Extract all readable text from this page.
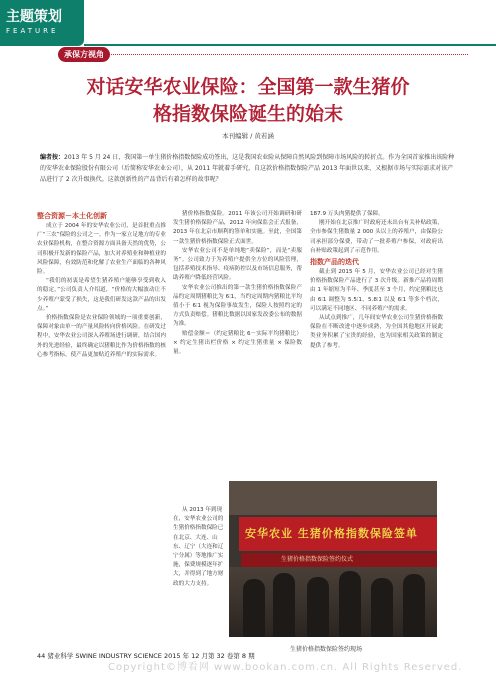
主题策划
FEATURE
承保方视角
对话安华农业保险：全国第一款生猪价
格指数保险诞生的始末
本刊编辑 / 黄若涵
编者按：2013 年 5 月 24 日，我国第一单生猪价格指数保险成功签出，这是我国农业险从保障自然风险到保障市场风险的转折点。作为全国首家推出该险种的安华农业保险股份有限公司（后简称安华农业公司），从 2011 年就着手研究，自这款价格指数保险产品 2013 年面世以来，又根据市场与实际需求对该产品进行了 2 次升级换代。这款创新性的产品背后有着怎样的故事呢？
整合资源－本土化创新

成立于 2004 年的安华农业公司，是首批重点推广“三农”保险的公司之一。作为一家立足地方的专业农业保险机构，在整合资源方面具备天然的优势，公司积极开发新的保险产品，加大对养殖业和种植业的风险保障，有效防范和化解了农业生产面临的各种风险。

“我们的初衷是希望生猪养殖户能够享受到收入的稳定，”公司负责人介绍道，“价格的大幅波动让不少养殖户蒙受了损失，这是我们研发这款产品的出发点。”

价格指数保险是农业保险领域的一项重要创新，保障对象由单一的产量风险转向价格风险。在研发过程中，安华农业公司深入养殖场进行调研，结合国内外的先进经验，最终确定以猪粮比作为价格指数的核心参考指标，使产品更加贴近养殖户的实际需求。

猪价格指数保险。2011 年该公司开始调研和研发生猪价格保险产品，2012 年向保监会正式报备，2013 年在北京市顺利的签单和实施。至此，全国第一款生猪价格指数保险正式面世。

安华农业公司不是单纯地“卖保险”，而是“卖服务”。公司致力于为养殖户提供全方位的风险管理，包括养殖技术指导、疫病防控以及市场信息服务，帮助养殖户降低经营风险。

安华农业公司推出的第一款生猪价格指数保险产品约定周期猪粮比为 6∶1，当约定周期内猪粮比平均值小于 6∶1 视为保险事故发生，保险人按照约定的方式负责赔偿。猪粮比数据以国家发改委公布的数据为准。

赔偿金额＝（约定猪粮比 6－实际平均猪粮比）× 约定生猪出栏价格 × 约定生猪重量 × 保险数量。

从 2013 年到现在，安华农业公司的生猪价格指数保险已在北京、大连、山东、辽宁（大连和辽宁分属）等地推广实施，保费规模逐年扩大，并得到了地方财政的大力支持。

187.9 万头肉猪提供了保障。

刚开始在北京推广时政府还未出台有关补贴政策，全市参保生猪数量 2 000 头以上的养殖户，由保险公司承担部分保费，带动了一批养殖户参保，对政府出台补贴政策起到了示范作用。

指数产品的迭代

截止到 2015 年 5 月，安华农业公司已经对生猪价格指数保险产品进行了 3 次升级。新推产品将周期由 1 年缩短为半年、季度甚至 3 个月，约定猪粮比也由 6∶1 调整为 5.5∶1、5.8∶1 以及 6∶1 等多个档次，可以满足不同地区、不同养殖户的需求。

从试点到推广，几年间安华农业公司生猪价格指数保险在不断改进中逐步成熟，为全国其他地区开展此类业务积累了宝贵的经验，也为国家相关政策的制定提供了参考。

安华农业 生猪价格指数保险签单
生猪价格指数保险签约仪式
生猪价格指数保险签约现场
44 猪业科学 SWINE INDUSTRY SCIENCE 2015 年 12 月第 32 卷第 8 期
Copyright©博看网 www.bookan.com.cn. All Rights Reserved.
